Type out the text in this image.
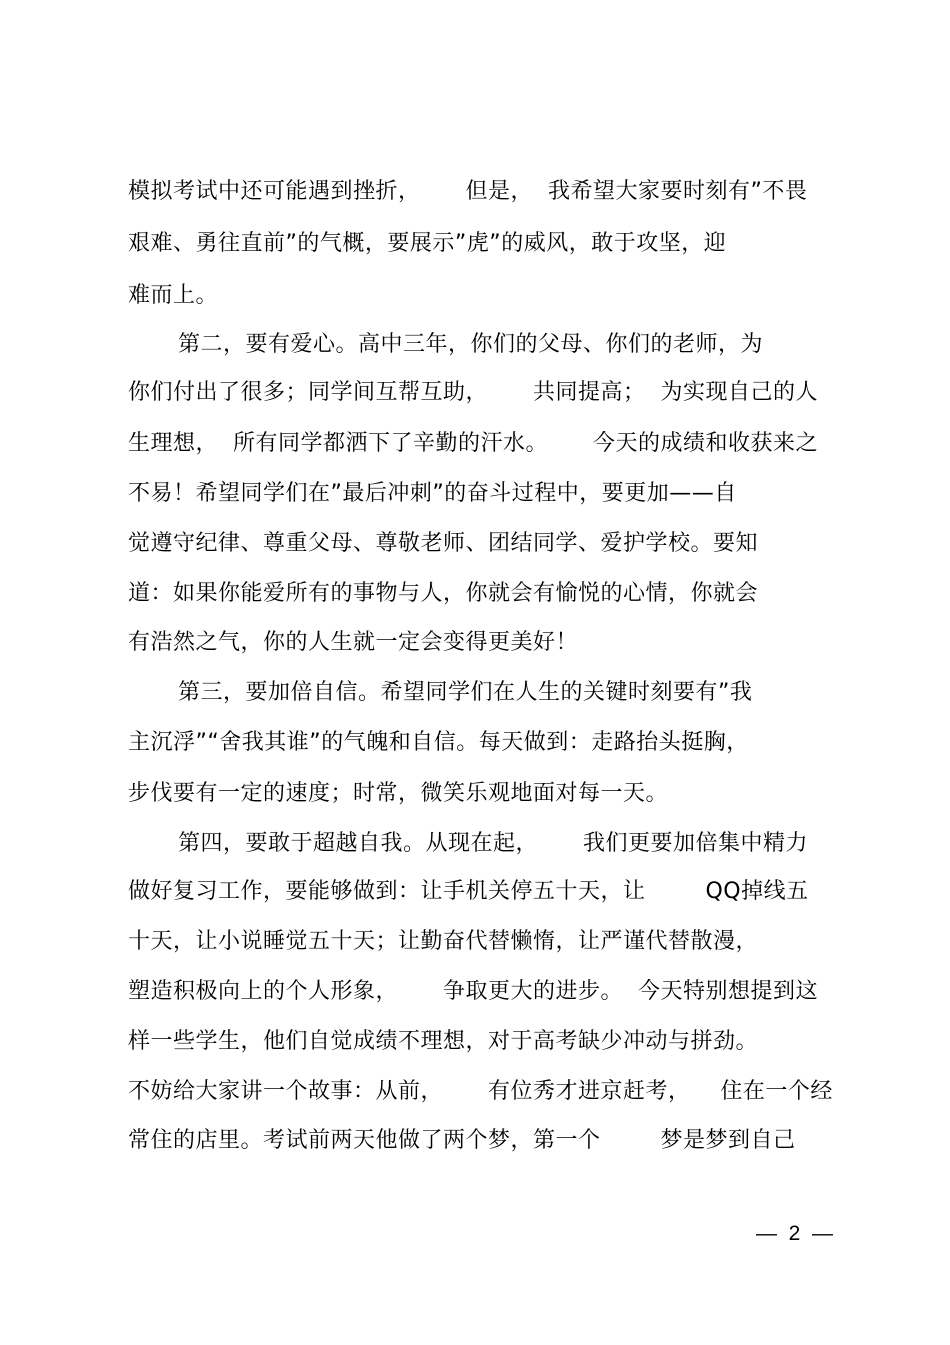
模拟考试中还可能遇到挫折，      但是，  我希望大家要时刻有”不畏
艰难、勇往直前”的气概，要展示”虎”的威风，敢于攻坚，迎
难而上。
第二，要有爱心。高中三年，你们的父母、你们的老师，为
你们付出了很多；同学间互帮互助，      共同提高；  为实现自己的人
生理想，  所有同学都洒下了辛勤的汗水。      今天的成绩和收获来之
不易！希望同学们在”最后冲刺”的奋斗过程中，要更加——自
觉遵守纪律、尊重父母、尊敬老师、团结同学、爱护学校。要知
道：如果你能爱所有的事物与人，你就会有愉悦的心情，你就会
有浩然之气，你的人生就一定会变得更美好！
第三，要加倍自信。希望同学们在人生的关键时刻要有”我
主沉浮”“舍我其谁”的气魄和自信。每天做到：走路抬头挺胸，
步伐要有一定的速度；时常，微笑乐观地面对每一天。
第四，要敢于超越自我。从现在起，      我们更要加倍集中精力
做好复习工作，要能够做到：让手机关停五十天，让        QQ掉线五
十天，让小说睡觉五十天；让勤奋代替懒惰，让严谨代替散漫，
塑造积极向上的个人形象，      争取更大的进步。  今天特别想提到这
样一些学生，他们自觉成绩不理想，对于高考缺少冲动与拼劲。
不妨给大家讲一个故事：从前，      有位秀才进京赶考，    住在一个经
常住的店里。考试前两天他做了两个梦，第一个        梦是梦到自己
—  2  —
